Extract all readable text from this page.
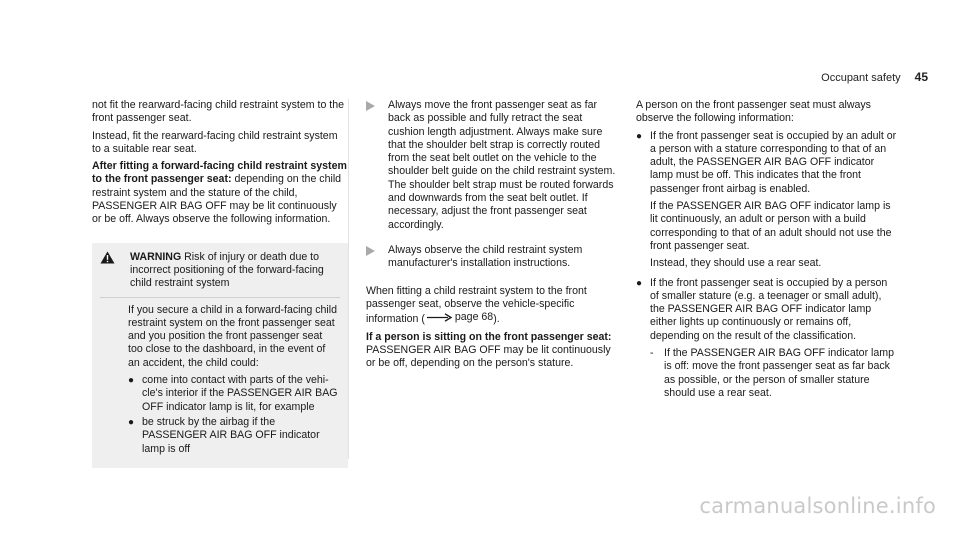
Occupant safety 45

not fit the rearward-facing child restraint system to the front passenger seat.

Instead, fit the rearward-facing child restraint system to a suitable rear seat.

After fitting a forward-facing child restraint system to the front passenger seat: depending on the child restraint system and the stature of the child, PASSENGER AIR BAG OFF may be lit continuously or be off. Always observe the following information.

WARNING Risk of injury or death due to incorrect positioning of the forward-facing child restraint system

If you secure a child in a forward-facing child restraint system on the front passenger seat and you position the front passenger seat too close to the dashboard, in the event of an accident, the child could:

● come into contact with parts of the vehicle's interior if the PASSENGER AIR BAG OFF indicator lamp is lit, for example
● be struck by the airbag if the PASSENGER AIR BAG OFF indicator lamp is off
Always move the front passenger seat as far back as possible and fully retract the seat cushion length adjustment. Always make sure that the shoulder belt strap is correctly routed from the seat belt outlet on the vehicle to the shoulder belt guide on the child restraint system. The shoulder belt strap must be routed forwards and downwards from the seat belt outlet. If necessary, adjust the front passenger seat accordingly.
Always observe the child restraint system manufacturer's installation instructions.

When fitting a child restraint system to the front passenger seat, observe the vehicle-specific information (	page 68 ).

If a person is sitting on the front passenger seat: PASSENGER AIR BAG OFF may be lit continuously or be off, depending on the person's stature.

A person on the front passenger seat must always observe the following information:

● If the front passenger seat is occupied by an adult or a person with a stature corresponding to that of an adult, the PASSENGER AIR BAG OFF indicator lamp must be off. This indicates that the front passenger front airbag is enabled.

If the PASSENGER AIR BAG OFF indicator lamp is lit continuously, an adult or person with a build corresponding to that of an adult should not use the front passenger seat.

Instead, they should use a rear seat.

● If the front passenger seat is occupied by a person of smaller stature (e.g. a teenager or small adult), the PASSENGER AIR BAG OFF indicator lamp either lights up continuously or remains off, depending on the result of the classification.

- If the PASSENGER AIR BAG OFF indicator lamp is off: move the front passenger seat as far back as possible, or the person of smaller stature should use a rear seat.
carmanualsonline.info
